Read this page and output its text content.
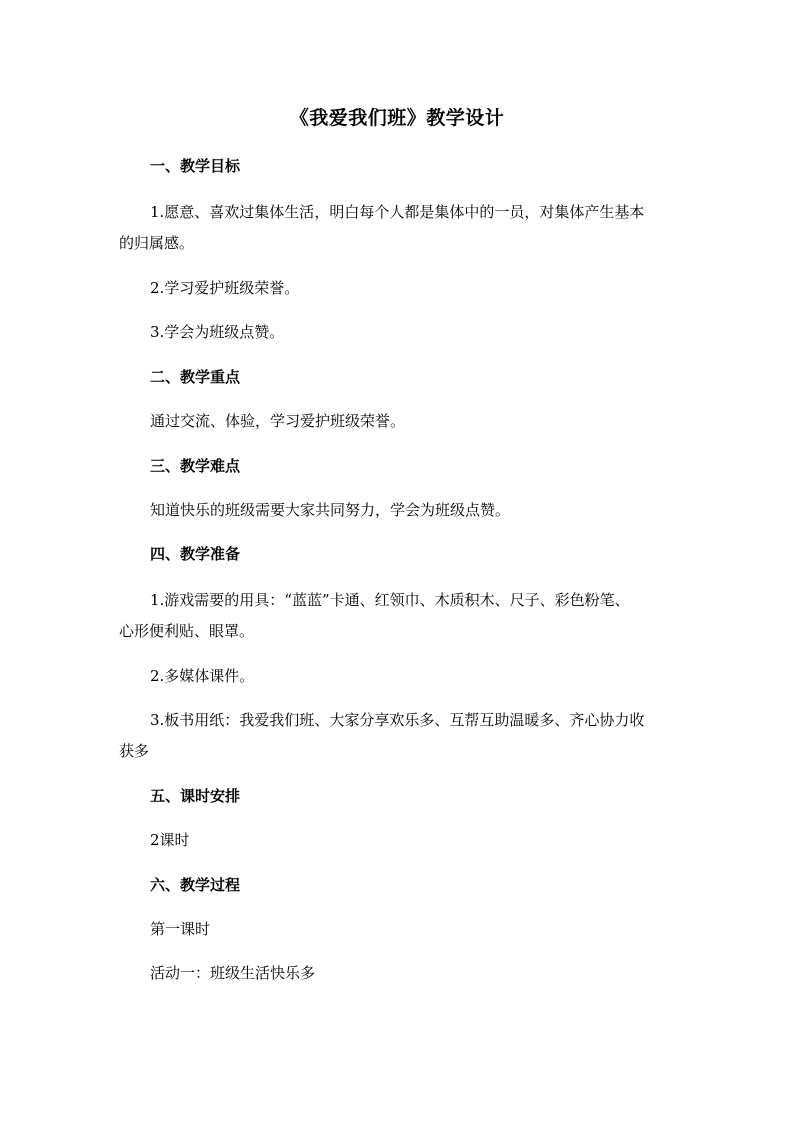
《我爱我们班》教学设计
一、教学目标
1.愿意、喜欢过集体生活，明白每个人都是集体中的一员，对集体产生基本
的归属感。
2.学习爱护班级荣誉。
3.学会为班级点赞。
二、教学重点
通过交流、体验，学习爱护班级荣誉。
三、教学难点
知道快乐的班级需要大家共同努力，学会为班级点赞。
四、教学准备
1.游戏需要的用具：“蓝蓝”卡通、红领巾、木质积木、尺子、彩色粉笔、
心形便利贴、眼罩。
2.多媒体课件。
3.板书用纸：我爱我们班、大家分享欢乐多、互帮互助温暖多、齐心协力收
获多
五、课时安排
2课时
六、教学过程
第一课时
活动一：班级生活快乐多
